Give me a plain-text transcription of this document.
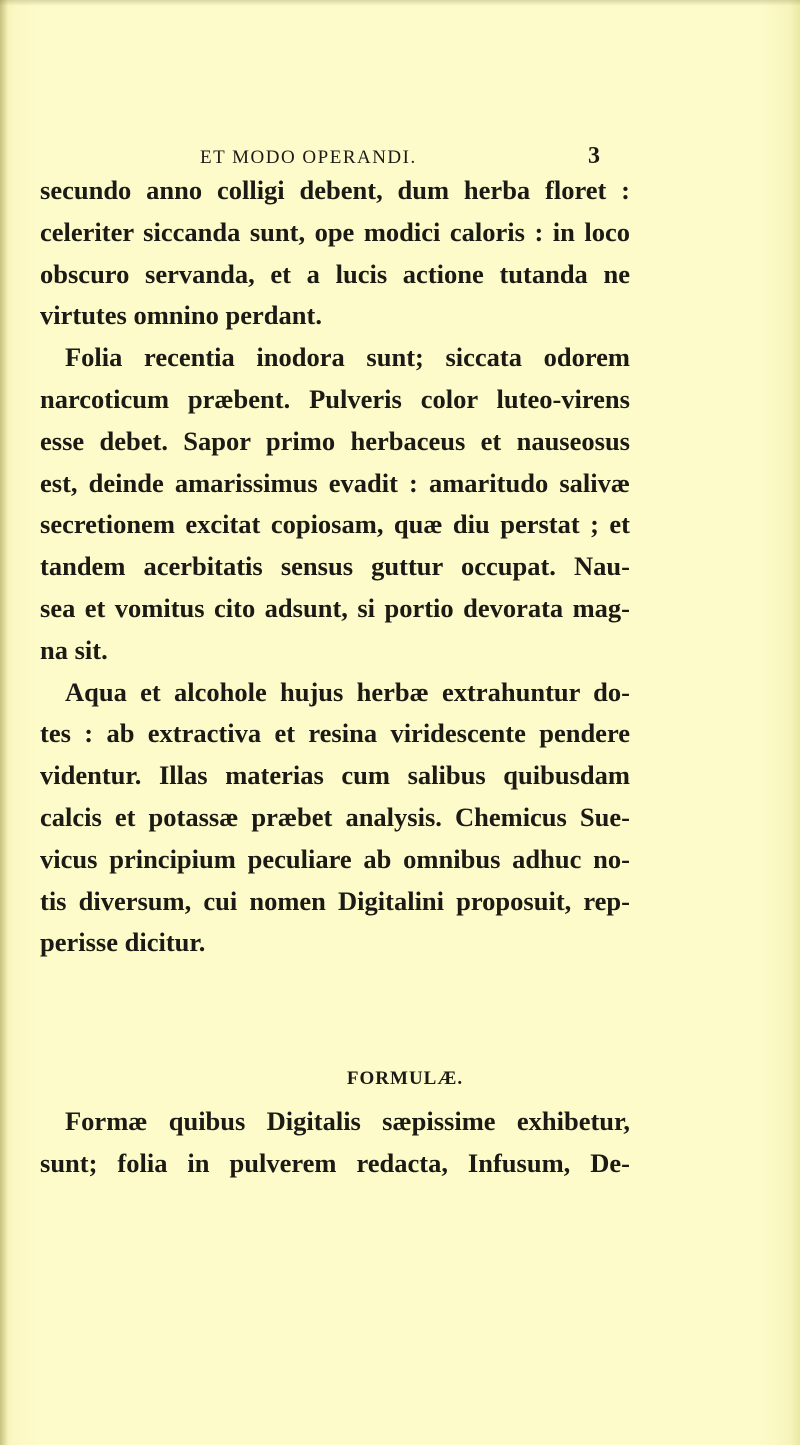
ET MODO OPERANDI.	3
secundo anno colligi debent, dum herba floret :
celeriter siccanda sunt, ope modici caloris : in loco
obscuro servanda, et a lucis actione tutanda ne
virtutes omnino perdant.
Folia recentia inodora sunt; siccata odorem
narcoticum præbent. Pulveris color luteo-virens
esse debet. Sapor primo herbaceus et nauseosus
est, deinde amarissimus evadit : amaritudo salivæ
secretionem excitat copiosam, quæ diu perstat ; et
tandem acerbitatis sensus guttur occupat. Nau-
sea et vomitus cito adsunt, si portio devorata mag-
na sit.
Aqua et alcohole hujus herbæ extrahuntur do-
tes : ab extractiva et resina viridescente pendere
videntur. Illas materias cum salibus quibusdam
calcis et potassæ præbet analysis. Chemicus Sue-
vicus principium peculiare ab omnibus adhuc no-
tis diversum, cui nomen Digitalini proposuit, rep-
perisse dicitur.
FORMULÆ.
Formæ quibus Digitalis sæpissime exhibetur,
sunt; folia in pulverem redacta, Infusum, De-
